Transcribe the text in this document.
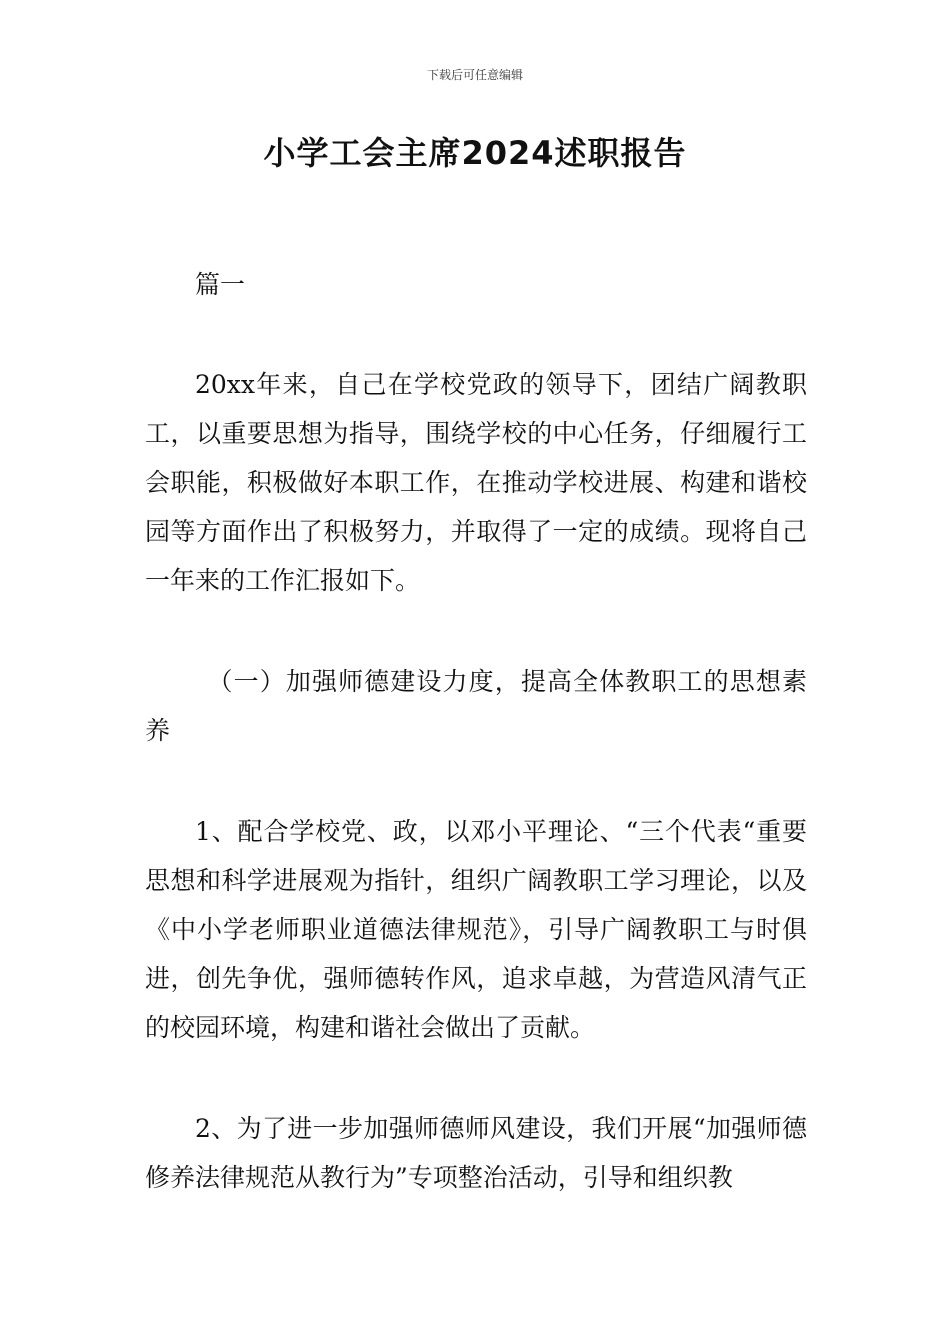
下载后可任意编辑
小学工会主席2024述职报告

篇一

20xx年来，自己在学校党政的领导下，团结广阔教职工，以重要思想为指导，围绕学校的中心任务，仔细履行工会职能，积极做好本职工作，在推动学校进展、构建和谐校园等方面作出了积极努力，并取得了一定的成绩。现将自己一年来的工作汇报如下。

（一）加强师德建设力度，提高全体教职工的思想素养

1、配合学校党、政，以邓小平理论、“三个代表“重要思想和科学进展观为指针，组织广阔教职工学习理论，以及《中小学老师职业道德法律规范》，引导广阔教职工与时俱进，创先争优，强师德转作风，追求卓越，为营造风清气正的校园环境，构建和谐社会做出了贡献。

2、为了进一步加强师德师风建设，我们开展“加强师德修养法律规范从教行为”专项整治活动，引导和组织教
